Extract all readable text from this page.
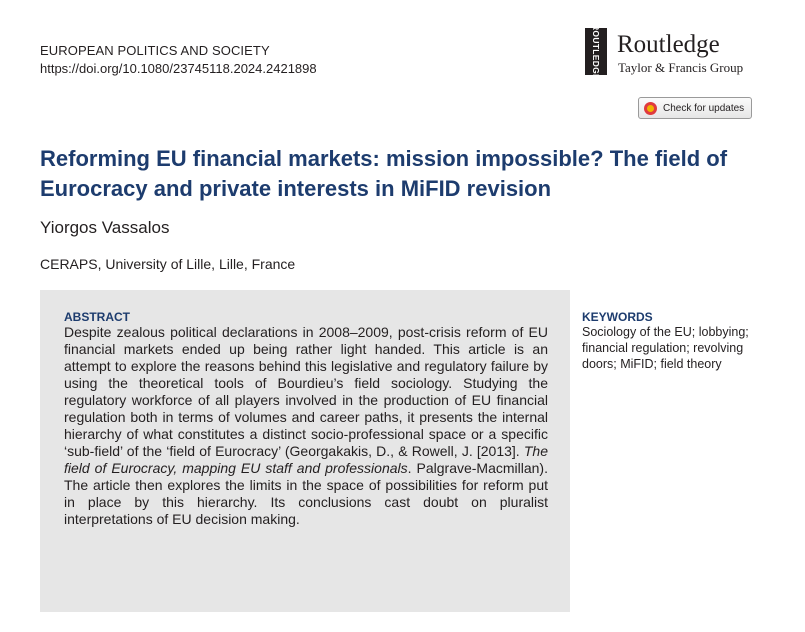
EUROPEAN POLITICS AND SOCIETY
https://doi.org/10.1080/23745118.2024.2421898	ROUTLEDGE Routledge
Taylor & Francis Group
Check for updates
Reforming EU financial markets: mission impossible? The field of Eurocracy and private interests in MiFID revision
Yiorgos Vassalos
CERAPS, University of Lille, Lille, France
ABSTRACT
Despite zealous political declarations in 2008–2009, post-crisis reform of EU financial markets ended up being rather light handed. This article is an attempt to explore the reasons behind this legislative and regulatory failure by using the theoretical tools of Bourdieu’s field sociology. Studying the regulatory workforce of all players involved in the production of EU financial regulation both in terms of volumes and career paths, it presents the internal hierarchy of what constitutes a distinct socio-professional space or a specific ‘sub-field’ of the ‘field of Eurocracy’ (Georgakakis, D., & Rowell, J. [2013]. The field of Eurocracy, mapping EU staff and professionals. Palgrave-Macmillan). The article then explores the limits in the space of possibilities for reform put in place by this hierarchy. Its conclusions cast doubt on pluralist interpretations of EU decision making.
KEYWORDS
Sociology of the EU; lobbying; financial regulation; revolving doors; MiFID; field theory
